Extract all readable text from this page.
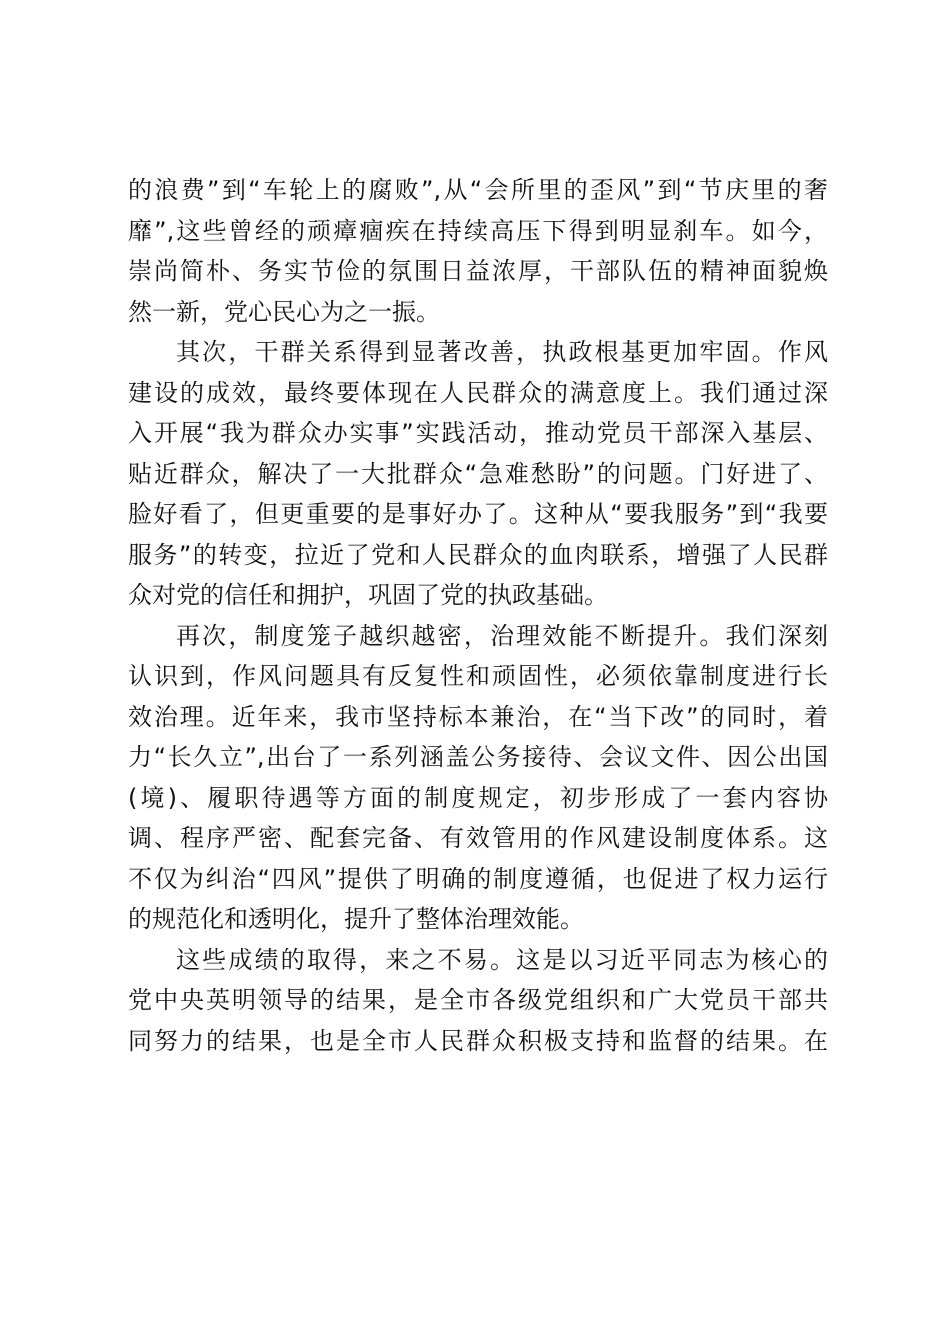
的浪费”到“车轮上的腐败”,从“会所里的歪风”到“节庆里的奢
靡”,这些曾经的顽瘴痼疾在持续高压下得到明显刹车。如今，
崇尚简朴、务实节俭的氛围日益浓厚，干部队伍的精神面貌焕
然一新，党心民心为之一振。
其次，干群关系得到显著改善，执政根基更加牢固。作风
建设的成效，最终要体现在人民群众的满意度上。我们通过深
入开展“我为群众办实事”实践活动，推动党员干部深入基层、
贴近群众，解决了一大批群众“急难愁盼”的问题。门好进了、
脸好看了，但更重要的是事好办了。这种从“要我服务”到“我要
服务”的转变，拉近了党和人民群众的血肉联系，增强了人民群
众对党的信任和拥护，巩固了党的执政基础。
再次，制度笼子越织越密，治理效能不断提升。我们深刻
认识到，作风问题具有反复性和顽固性，必须依靠制度进行长
效治理。近年来，我市坚持标本兼治，在“当下改”的同时，着
力“长久立”,出台了一系列涵盖公务接待、会议文件、因公出国
(境)、履职待遇等方面的制度规定，初步形成了一套内容协
调、程序严密、配套完备、有效管用的作风建设制度体系。这
不仅为纠治“四风”提供了明确的制度遵循，也促进了权力运行
的规范化和透明化，提升了整体治理效能。
这些成绩的取得，来之不易。这是以习近平同志为核心的
党中央英明领导的结果，是全市各级党组织和广大党员干部共
同努力的结果，也是全市人民群众积极支持和监督的结果。在
